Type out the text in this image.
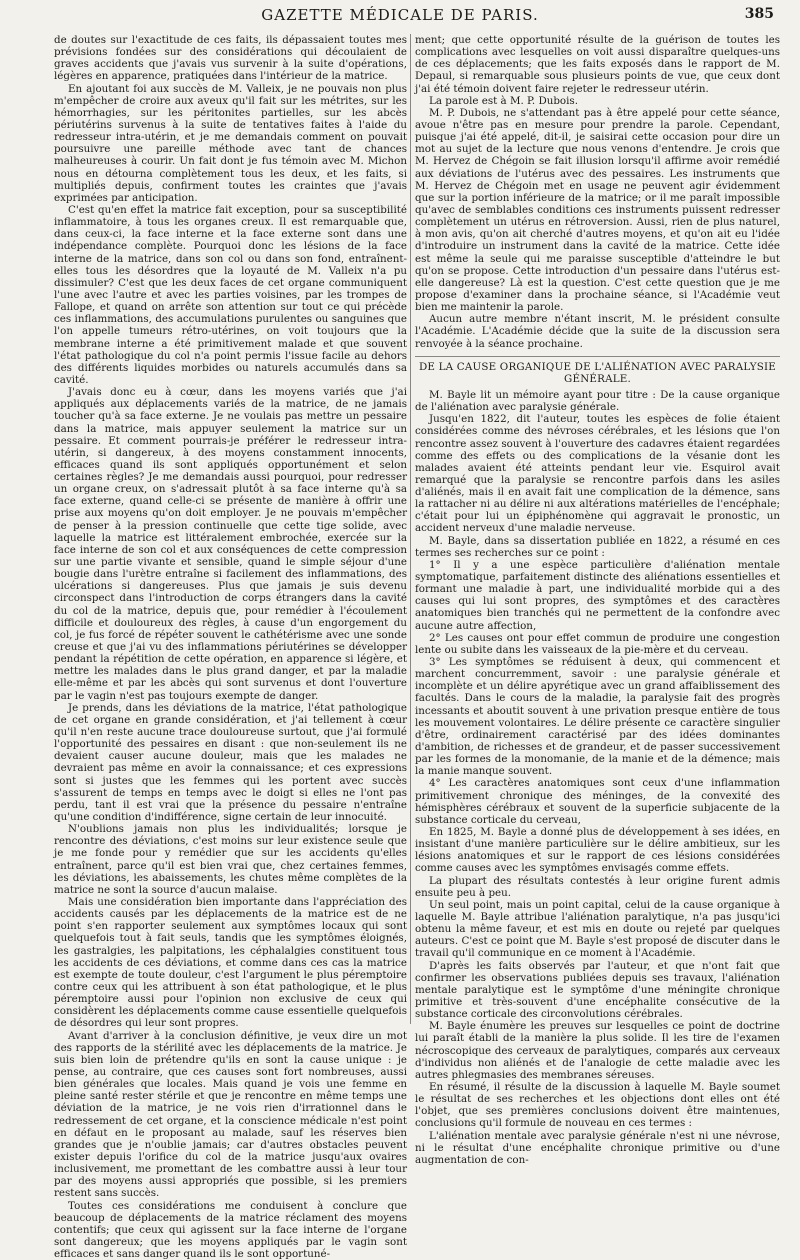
GAZETTE MÉDICALE DE PARIS.	385

de doutes sur l'exactitude de ces faits, ils dépassaient toutes mes prévisions fondées sur des considérations qui découlaient de graves accidents que j'avais vus survenir à la suite d'opérations, légères en apparence, pratiquées dans l'intérieur de la matrice.

En ajoutant foi aux succès de M. Valleix, je ne pouvais non plus m'empêcher de croire aux aveux qu'il fait sur les métrites, sur les hémorrhagies, sur les péritonites partielles, sur les abcès périutérins survenus à la suite de tentatives faites à l'aide du redresseur intra-utérin, et je me demandais comment on pouvait poursuivre une pareille méthode avec tant de chances malheureuses à courir. Un fait dont je fus témoin avec M. Michon nous en détourna complètement tous les deux, et les faits, si multipliés depuis, confirment toutes les craintes que j'avais exprimées par anticipation.

C'est qu'en effet la matrice fait exception, pour sa susceptibilité inflammatoire, à tous les organes creux. Il est remarquable que, dans ceux-ci, la face interne et la face externe sont dans une indépendance complète. Pourquoi donc les lésions de la face interne de la matrice, dans son col ou dans son fond, entraînent-elles tous les désordres que la loyauté de M. Valleix n'a pu dissimuler? C'est que les deux faces de cet organe communiquent l'une avec l'autre et avec les parties voisines, par les trompes de Fallope, et quand on arrête son attention sur tout ce qui précède ces inflammations, des accumulations purulentes ou sanguines que l'on appelle tumeurs rétro-utérines, on voit toujours que la membrane interne a été primitivement malade et que souvent l'état pathologique du col n'a point permis l'issue facile au dehors des différents liquides morbides ou naturels accumulés dans sa cavité.

J'avais donc eu à cœur, dans les moyens variés que j'ai appliqués aux déplacements variés de la matrice, de ne jamais toucher qu'à sa face externe. Je ne voulais pas mettre un pessaire dans la matrice, mais appuyer seulement la matrice sur un pessaire. Et comment pourrais-je préférer le redresseur intra-utérin, si dangereux, à des moyens constamment innocents, efficaces quand ils sont appliqués opportunément et selon certaines règles? Je me demandais aussi pourquoi, pour redresser un organe creux, on s'adressait plutôt à sa face interne qu'à sa face externe, quand celle-ci se présente de manière à offrir une prise aux moyens qu'on doit employer. Je ne pouvais m'empêcher de penser à la pression continuelle que cette tige solide, avec laquelle la matrice est littéralement embrochée, exercée sur la face interne de son col et aux conséquences de cette compression sur une partie vivante et sensible, quand le simple séjour d'une bougie dans l'urètre entraîne si facilement des inflammations, des ulcérations si dangereuses. Plus que jamais je suis devenu circonspect dans l'introduction de corps étrangers dans la cavité du col de la matrice, depuis que, pour remédier à l'écoulement difficile et douloureux des règles, à cause d'un engorgement du col, je fus forcé de répéter souvent le cathétérisme avec une sonde creuse et que j'ai vu des inflammations périutérines se développer pendant la répétition de cette opération, en apparence si légère, et mettre les malades dans le plus grand danger, et par la maladie elle-même et par les abcès qui sont survenus et dont l'ouverture par le vagin n'est pas toujours exempte de danger.

Je prends, dans les déviations de la matrice, l'état pathologique de cet organe en grande considération, et j'ai tellement à cœur qu'il n'en reste aucune trace douloureuse surtout, que j'ai formulé l'opportunité des pessaires en disant : que non-seulement ils ne devaient causer aucune douleur, mais que les malades ne devraient pas même en avoir la connaissance; et ces expressions sont si justes que les femmes qui les portent avec succès s'assurent de temps en temps avec le doigt si elles ne l'ont pas perdu, tant il est vrai que la présence du pessaire n'entraîne qu'une condition d'indifférence, signe certain de leur innocuité.

N'oublions jamais non plus les individualités; lorsque je rencontre des déviations, c'est moins sur leur existence seule que je me fonde pour y remédier que sur les accidents qu'elles entraînent, parce qu'il est bien vrai que, chez certaines femmes, les déviations, les abaissements, les chutes même complètes de la matrice ne sont la source d'aucun malaise.

Mais une considération bien importante dans l'appréciation des accidents causés par les déplacements de la matrice est de ne point s'en rapporter seulement aux symptômes locaux qui sont quelquefois tout à fait seuls, tandis que les symptômes éloignés, les gastralgies, les palpitations, les céphalalgies constituent tous les accidents de ces déviations, et comme dans ces cas la matrice est exempte de toute douleur, c'est l'argument le plus péremptoire contre ceux qui les attribuent à son état pathologique, et le plus péremptoire aussi pour l'opinion non exclusive de ceux qui considèrent les déplacements comme cause essentielle quelquefois de désordres qui leur sont propres.

Avant d'arriver à la conclusion définitive, je veux dire un mot des rapports de la stérilité avec les déplacements de la matrice. Je suis bien loin de prétendre qu'ils en sont la cause unique : je pense, au contraire, que ces causes sont fort nombreuses, aussi bien générales que locales. Mais quand je vois une femme en pleine santé rester stérile et que je rencontre en même temps une déviation de la matrice, je ne vois rien d'irrationnel dans le redressement de cet organe, et la conscience médicale n'est point en défaut en le proposant au malade, sauf les réserves bien grandes que je n'oublie jamais; car d'autres obstacles peuvent exister depuis l'orifice du col de la matrice jusqu'aux ovaires inclusivement, me promettant de les combattre aussi à leur tour par des moyens aussi appropriés que possible, si les premiers restent sans succès.

Toutes ces considérations me conduisent à conclure que beaucoup de déplacements de la matrice réclament des moyens contentifs; que ceux qui agissent sur la face interne de l'organe sont dangereux; que les moyens appliqués par le vagin sont efficaces et sans danger quand ils le sont opportuné-

ment; que cette opportunité résulte de la guérison de toutes les complications avec lesquelles on voit aussi disparaître quelques-uns de ces déplacements; que les faits exposés dans le rapport de M. Depaul, si remarquable sous plusieurs points de vue, que ceux dont j'ai été témoin doivent faire rejeter le redresseur utérin.

La parole est à M. P. Dubois.

M. P. Dubois, ne s'attendant pas à être appelé pour cette séance, avoue n'être pas en mesure pour prendre la parole. Cependant, puisque j'ai été appelé, dit-il, je saisirai cette occasion pour dire un mot au sujet de la lecture que nous venons d'entendre. Je crois que M. Hervez de Chégoin se fait illusion lorsqu'il affirme avoir remédié aux déviations de l'utérus avec des pessaires. Les instruments que M. Hervez de Chégoin met en usage ne peuvent agir évidemment que sur la portion inférieure de la matrice; or il me paraît impossible qu'avec de semblables conditions ces instruments puissent redresser complètement un utérus en rétroversion. Aussi, rien de plus naturel, à mon avis, qu'on ait cherché d'autres moyens, et qu'on ait eu l'idée d'introduire un instrument dans la cavité de la matrice. Cette idée est même la seule qui me paraisse susceptible d'atteindre le but qu'on se propose. Cette introduction d'un pessaire dans l'utérus est-elle dangereuse? Là est la question. C'est cette question que je me propose d'examiner dans la prochaine séance, si l'Académie veut bien me maintenir la parole.

Aucun autre membre n'étant inscrit, M. le président consulte l'Académie. L'Académie décide que la suite de la discussion sera renvoyée à la séance prochaine.

DE LA CAUSE ORGANIQUE DE L'ALIÉNATION AVEC PARALYSIE GÉNÉRALE.

M. Bayle lit un mémoire ayant pour titre : De la cause organique de l'aliénation avec paralysie générale.

Jusqu'en 1822, dit l'auteur, toutes les espèces de folie étaient considérées comme des névroses cérébrales, et les lésions que l'on rencontre assez souvent à l'ouverture des cadavres étaient regardées comme des effets ou des complications de la vésanie dont les malades avaient été atteints pendant leur vie. Esquirol avait remarqué que la paralysie se rencontre parfois dans les asiles d'aliénés, mais il en avait fait une complication de la démence, sans la rattacher ni au délire ni aux altérations matérielles de l'encéphale; c'était pour lui un épiphénomène qui aggravait le pronostic, un accident nerveux d'une maladie nerveuse.

M. Bayle, dans sa dissertation publiée en 1822, a résumé en ces termes ses recherches sur ce point :

1° Il y a une espèce particulière d'aliénation mentale symptomatique, parfaitement distincte des aliénations essentielles et formant une maladie à part, une individualité morbide qui a des causes qui lui sont propres, des symptômes et des caractères anatomiques bien tranchés qui ne permettent de la confondre avec aucune autre affection,

2° Les causes ont pour effet commun de produire une congestion lente ou subite dans les vaisseaux de la pie-mère et du cerveau.

3° Les symptômes se réduisent à deux, qui commencent et marchent concurremment, savoir : une paralysie générale et incomplète et un délire apyrétique avec un grand affaiblissement des facultés. Dans le cours de la maladie, la paralysie fait des progrès incessants et aboutit souvent à une privation presque entière de tous les mouvement volontaires. Le délire présente ce caractère singulier d'être, ordinairement caractérisé par des idées dominantes d'ambition, de richesses et de grandeur, et de passer successivement par les formes de la monomanie, de la manie et de la démence; mais la manie manque souvent.

4° Les caractères anatomiques sont ceux d'une inflammation primitivement chronique des méninges, de la convexité des hémisphères cérébraux et souvent de la superficie subjacente de la substance corticale du cerveau,

En 1825, M. Bayle a donné plus de développement à ses idées, en insistant d'une manière particulière sur le délire ambitieux, sur les lésions anatomiques et sur le rapport de ces lésions considérées comme causes avec les symptômes envisagés comme effets.

La plupart des résultats contestés à leur origine furent admis ensuite peu à peu.

Un seul point, mais un point capital, celui de la cause organique à laquelle M. Bayle attribue l'aliénation paralytique, n'a pas jusqu'ici obtenu la même faveur, et est mis en doute ou rejeté par quelques auteurs. C'est ce point que M. Bayle s'est proposé de discuter dans le travail qu'il communique en ce moment à l'Académie.

D'après les faits observés par l'auteur, et que n'ont fait que confirmer les observations publiées depuis ses travaux, l'aliénation mentale paralytique est le symptôme d'une méningite chronique primitive et très-souvent d'une encéphalite consécutive de la substance corticale des circonvolutions cérébrales.

M. Bayle énumère les preuves sur lesquelles ce point de doctrine lui paraît établi de la manière la plus solide. Il les tire de l'examen nécroscopique des cerveaux de paralytiques, comparés aux cerveaux d'individus non aliénés et de l'analogie de cette maladie avec les autres phlegmasies des membranes séreuses.

En résumé, il résulte de la discussion à laquelle M. Bayle soumet le résultat de ses recherches et les objections dont elles ont été l'objet, que ses premières conclusions doivent être maintenues, conclusions qu'il formule de nouveau en ces termes :

L'aliénation mentale avec paralysie générale n'est ni une névrose, ni le résultat d'une encéphalite chronique primitive ou d'une augmentation de con-
